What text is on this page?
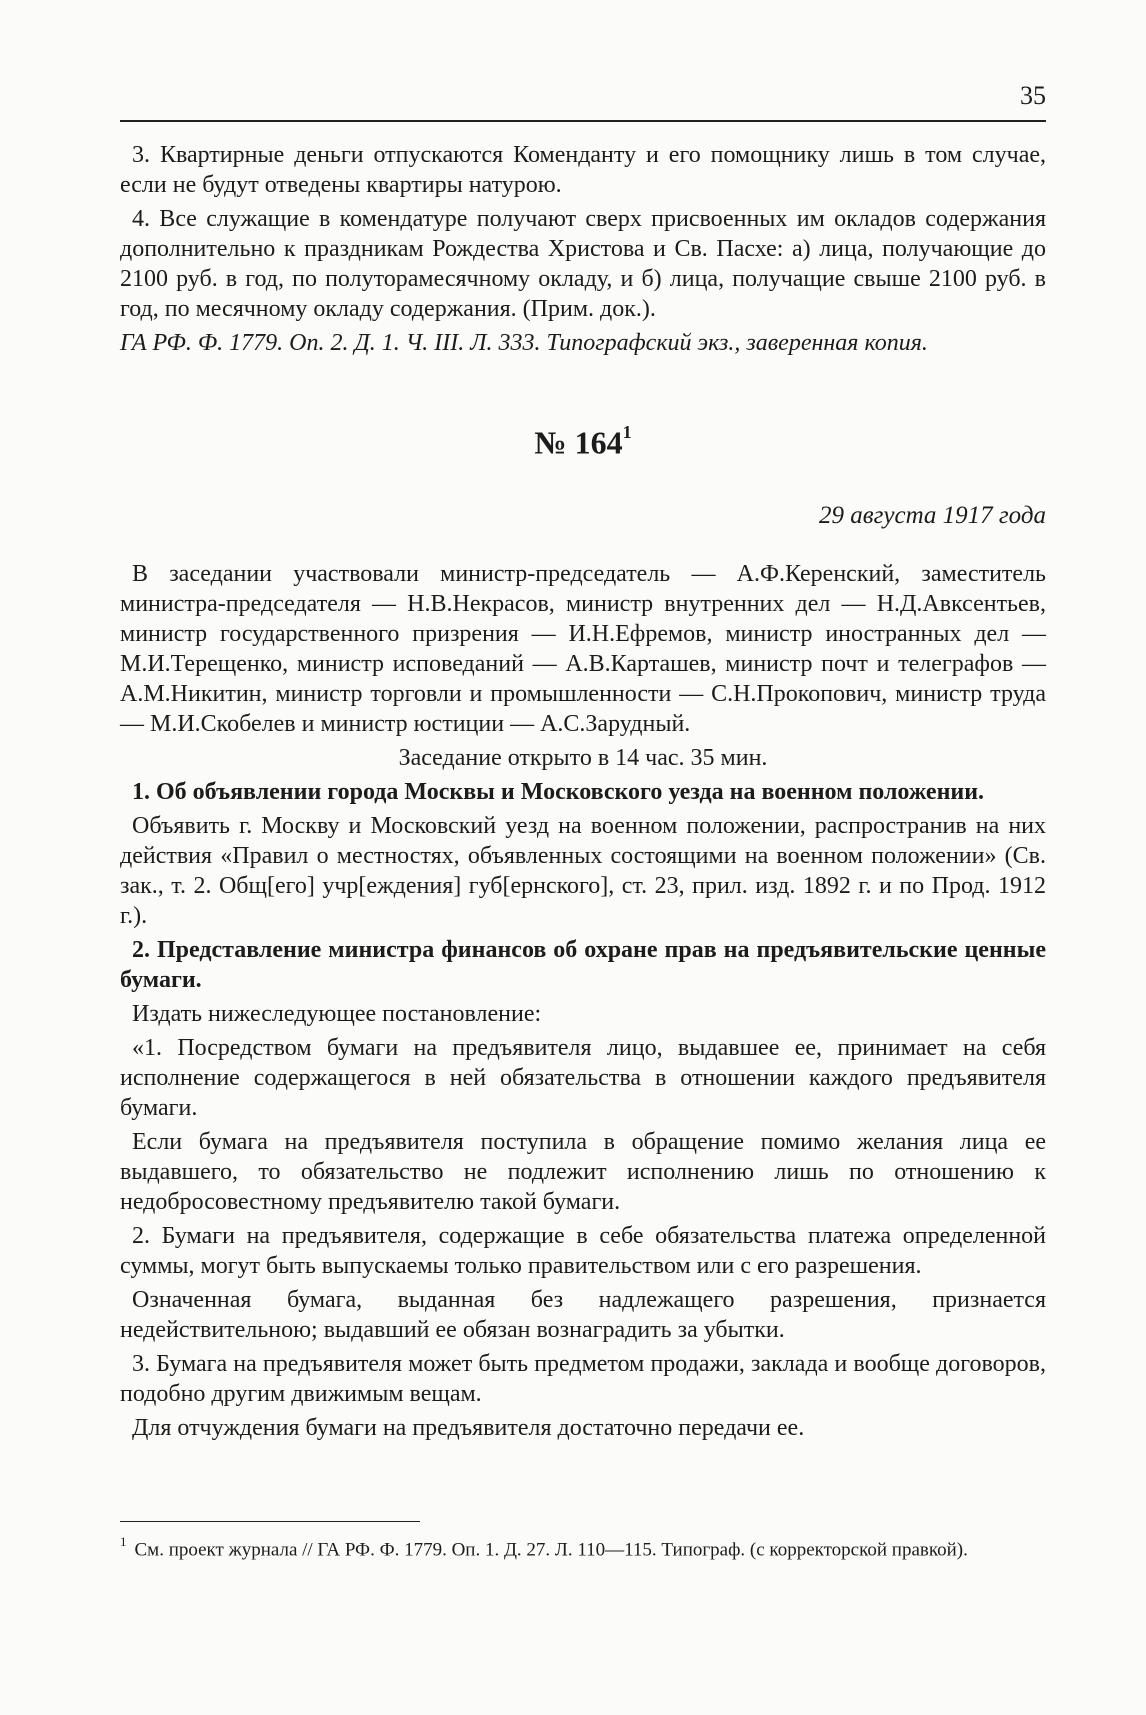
35

3. Квартирные деньги отпускаются Коменданту и его помощнику лишь в том случае, если не будут отведены квартиры натурою.

4. Все служащие в комендатуре получают сверх присвоенных им окладов содержания дополнительно к праздникам Рождества Христова и Св. Пасхе: а) лица, получающие до 2100 руб. в год, по полуторамесячному окладу, и б) лица, получащие свыше 2100 руб. в год, по месячному окладу содержания. (Прим. док.).

ГА РФ. Ф. 1779. Оп. 2. Д. 1. Ч. III. Л. 333. Типографский экз., заверенная копия.

№ $164^1$
29 августа 1917 года

В заседании участвовали министр-председатель — А.Ф.Керенский, заместитель министра-председателя — Н.В.Некрасов, министр внутренних дел — Н.Д.Авксентьев, министр государственного призрения — И.Н.Ефремов, министр иностранных дел — М.И.Терещенко, министр исповеданий — А.В.Карташев, министр почт и телеграфов — А.М.Никитин, министр торговли и промышленности — С.Н.Прокопович, министр труда — М.И.Скобелев и министр юстиции — А.С.Зарудный.

Заседание открыто в 14 час. 35 мин.

1. Об объявлении города Москвы и Московского уезда на военном положении.

Объявить г. Москву и Московский уезд на военном положении, распространив на них действия «Правил о местностях, объявленных состоящими на военном положении» (Св. зак., т. 2. Общ[его] учр[еждения] губ[ернского], ст. 23, прил. изд. 1892 г. и по Прод. 1912 г.).

2. Представление министра финансов об охране прав на предъявительские ценные бумаги.

Издать нижеследующее постановление:

«1. Посредством бумаги на предъявителя лицо, выдавшее ее, принимает на себя исполнение содержащегося в ней обязательства в отношении каждого предъявителя бумаги.

Если бумага на предъявителя поступила в обращение помимо желания лица ее выдавшего, то обязательство не подлежит исполнению лишь по отношению к недобросовестному предъявителю такой бумаги.

2. Бумаги на предъявителя, содержащие в себе обязательства платежа определенной суммы, могут быть выпускаемы только правительством или с его разрешения.

Означенная бумага, выданная без надлежащего разрешения, признается недействительною; выдавший ее обязан вознаградить за убытки.

3. Бумага на предъявителя может быть предметом продажи, заклада и вообще договоров, подобно другим движимым вещам.

Для отчуждения бумаги на предъявителя достаточно передачи ее.

$^1$ См. проект журнала // ГА РФ. Ф. 1779. Оп. 1. Д. 27. Л. 110—115. Типограф. (с корректорской правкой).
